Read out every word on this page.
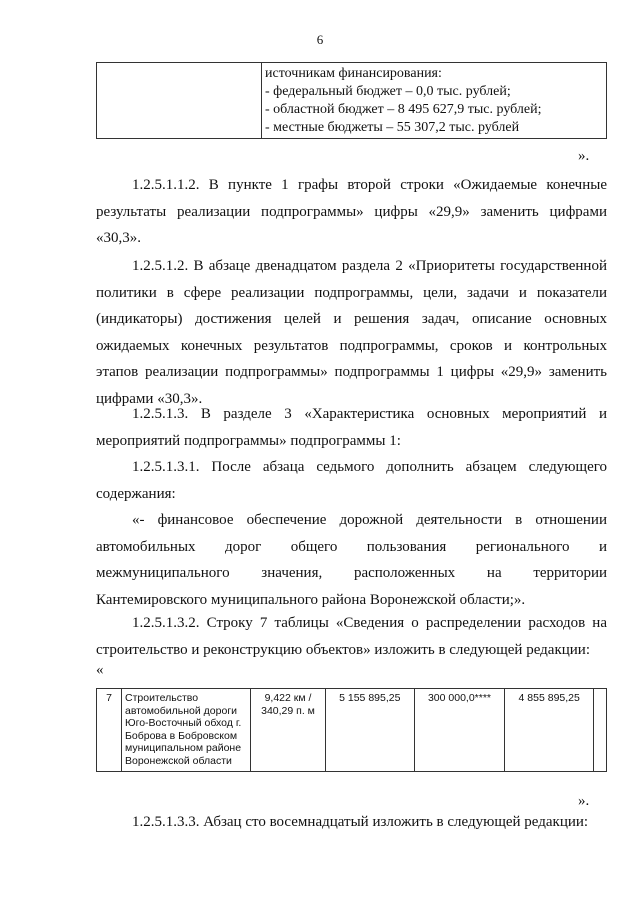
6

источникам финансирования:
- федеральный бюджет – 0,0 тыс. рублей;
- областной бюджет – 8 495 627,9 тыс. рублей;
- местные бюджеты – 55 307,2 тыс. рублей
».

1.2.5.1.1.2. В пункте 1 графы второй строки «Ожидаемые конечные результаты реализации подпрограммы» цифры «29,9» заменить цифрами «30,3».

1.2.5.1.2. В абзаце двенадцатом раздела 2 «Приоритеты государственной политики в сфере реализации подпрограммы, цели, задачи и показатели (индикаторы) достижения целей и решения задач, описание основных ожидаемых конечных результатов подпрограммы, сроков и контрольных этапов реализации подпрограммы» подпрограммы 1 цифры «29,9» заменить цифрами «30,3».

1.2.5.1.3. В разделе 3 «Характеристика основных мероприятий и мероприятий подпрограммы» подпрограммы 1:

1.2.5.1.3.1. После абзаца седьмого дополнить абзацем следующего содержания:

«- финансовое обеспечение дорожной деятельности в отношении автомобильных дорог общего пользования регионального и межмуниципального значения, расположенных на территории Кантемировского муниципального района Воронежской области;».

1.2.5.1.3.2. Строку 7 таблицы «Сведения о распределении расходов на строительство и реконструкцию объектов» изложить в следующей редакции:

«
7	Строительство автомобильной дороги Юго-Восточный обход г. Боброва в Бобровском муниципальном районе Воронежской области	9,422 км / 340,29 п. м	5 155 895,25	300 000,0****	4 855 895,25	
».

1.2.5.1.3.3. Абзац сто восемнадцатый изложить в следующей редакции:
